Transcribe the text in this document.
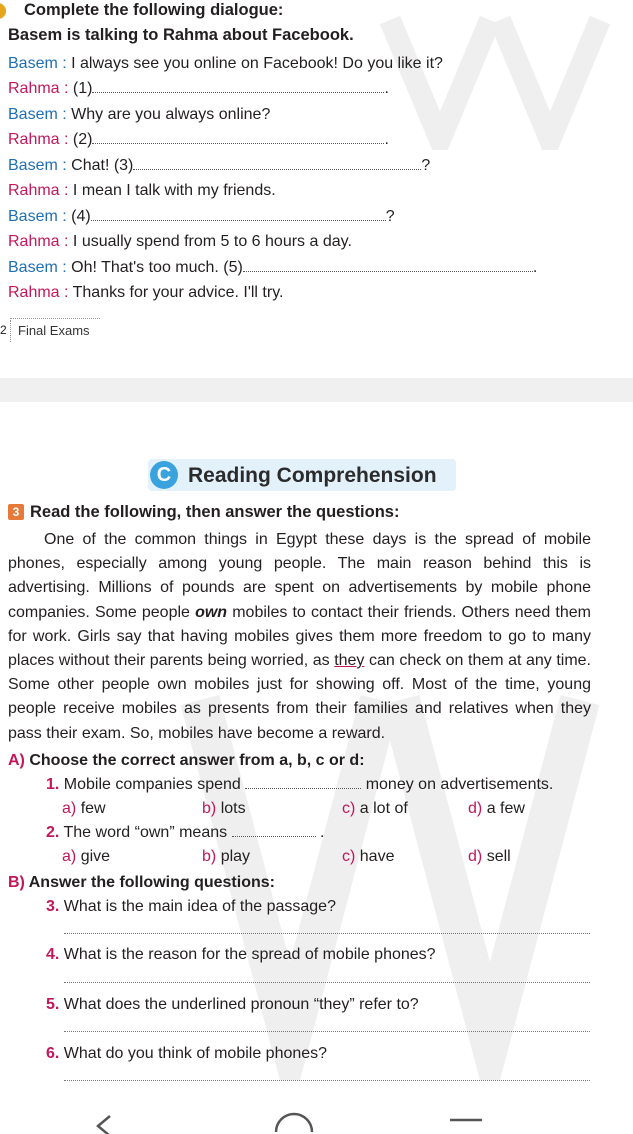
Complete the following dialogue:
Basem is talking to Rahma about Facebook.
Basem : I always see you online on Facebook! Do you like it?
Rahma : (1)	.
Basem : Why are you always online?
Rahma : (2)	.
Basem : Chat! (3)	?
Rahma : I mean I talk with my friends.
Basem : (4)	?
Rahma : I usually spend from 5 to 6 hours a day.
Basem : Oh! That's too much. (5)	.
Rahma : Thanks for your advice. I'll try.
2 Final Exams
C Reading Comprehension
3 Read the following, then answer the questions:

One of the common things in Egypt these days is the spread of mobile phones, especially among young people. The main reason behind this is advertising. Millions of pounds are spent on advertisements by mobile phone companies. Some people own mobiles to contact their friends. Others need them for work. Girls say that having mobiles gives them more freedom to go to many places without their parents being worried, as they can check on them at any time. Some other people own mobiles just for showing off. Most of the time, young people receive mobiles as presents from their families and relatives when they pass their exam. So, mobiles have become a reward.

A) Choose the correct answer from a, b, c or d:
1. Mobile companies spend	money on advertisements.
a) few	b) lots	c) a lot of	d) a few
2. The word “own” means	.
a) give	b) play	c) have	d) sell
B) Answer the following questions:
3. What is the main idea of the passage?
4. What is the reason for the spread of mobile phones?
5. What does the underlined pronoun “they” refer to?
6. What do you think of mobile phones?
